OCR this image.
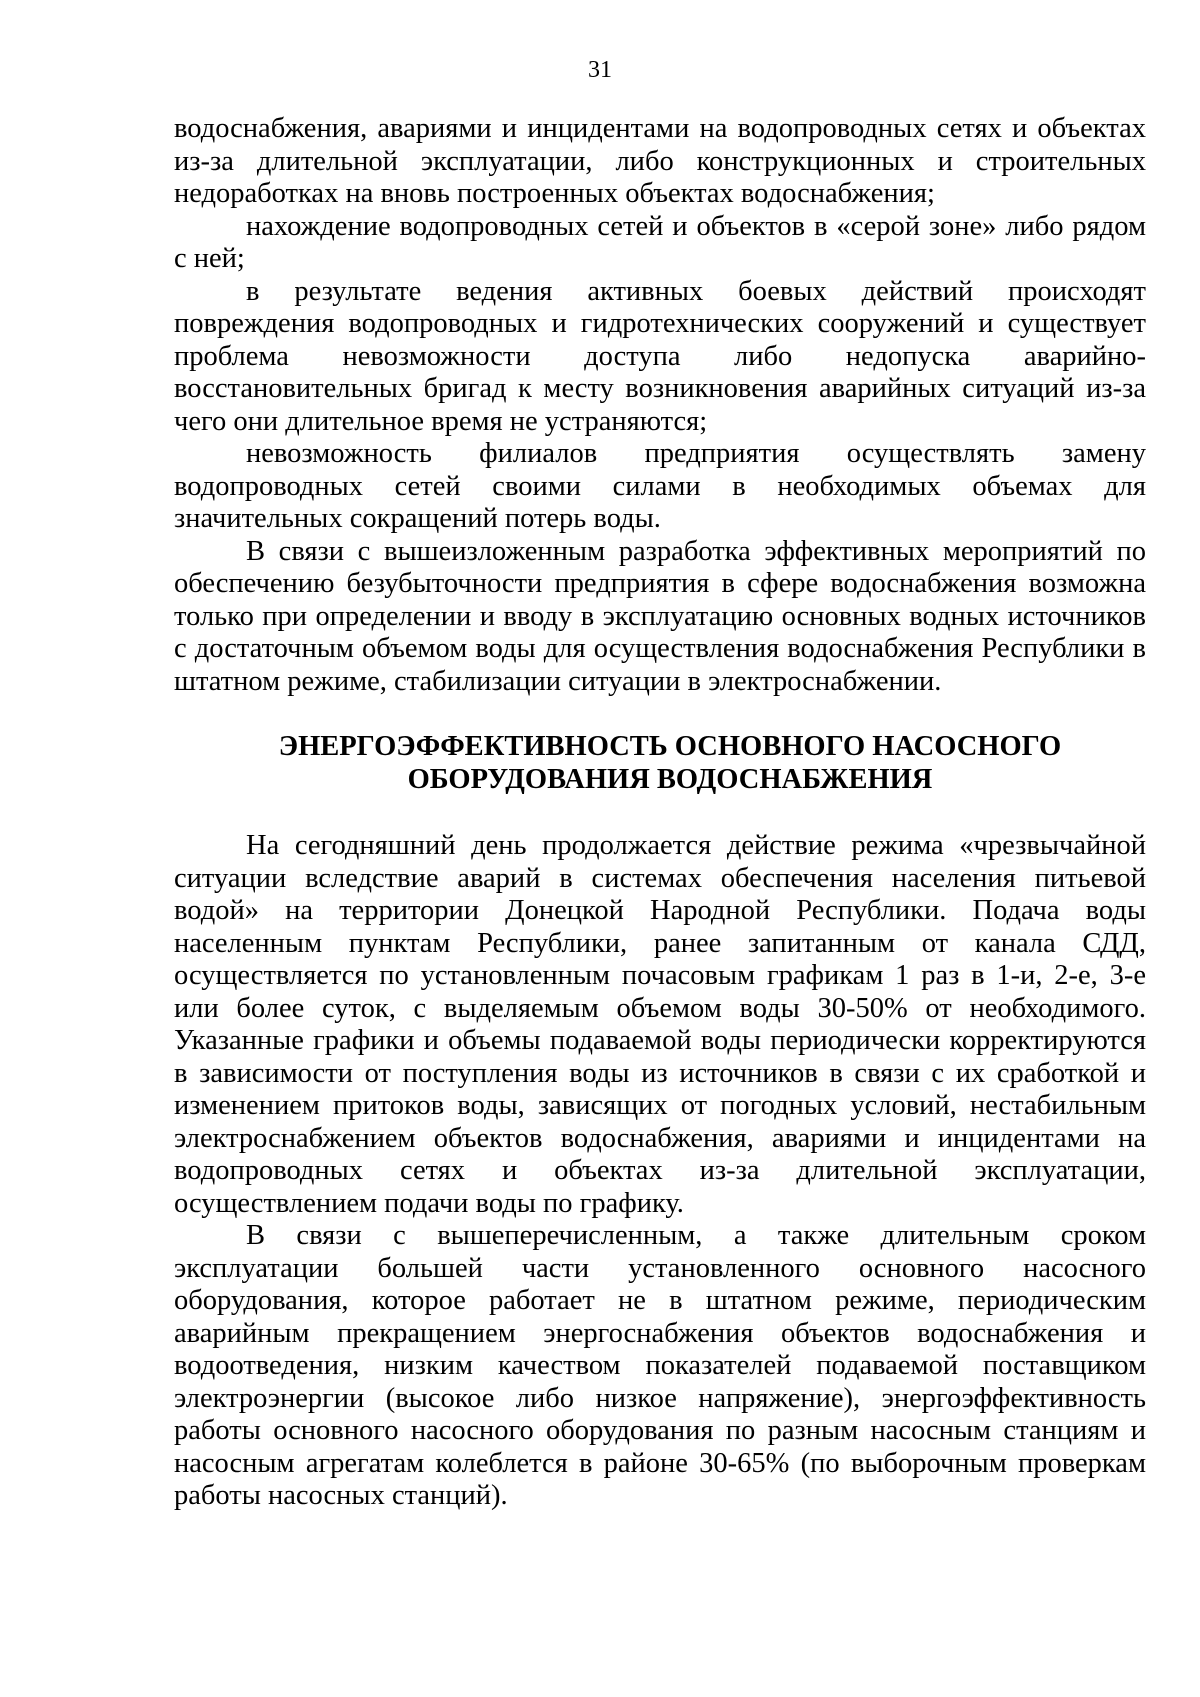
31

водоснабжения, авариями и инцидентами на водопроводных сетях и объектах из-за длительной эксплуатации, либо конструкционных и строительных недоработках на вновь построенных объектах водоснабжения;

нахождение водопроводных сетей и объектов в «серой зоне» либо рядом с ней;

в результате ведения активных боевых действий происходят повреждения водопроводных и гидротехнических сооружений и существует проблема невозможности доступа либо недопуска аварийно-восстановительных бригад к месту возникновения аварийных ситуаций из-за чего они длительное время не устраняются;

невозможность филиалов предприятия осуществлять замену водопроводных сетей своими силами в необходимых объемах для значительных сокращений потерь воды.

В связи с вышеизложенным разработка эффективных мероприятий по обеспечению безубыточности предприятия в сфере водоснабжения возможна только при определении и вводу в эксплуатацию основных водных источников с достаточным объемом воды для осуществления водоснабжения Республики в штатном режиме, стабилизации ситуации в электроснабжении.

ЭНЕРГОЭФФЕКТИВНОСТЬ ОСНОВНОГО НАСОСНОГО
ОБОРУДОВАНИЯ ВОДОСНАБЖЕНИЯ

На сегодняшний день продолжается действие режима «чрезвычайной ситуации вследствие аварий в системах обеспечения населения питьевой водой» на территории Донецкой Народной Республики. Подача воды населенным пунктам Республики, ранее запитанным от канала СДД, осуществляется по установленным почасовым графикам 1 раз в 1-и, 2-е, 3-е или более суток, с выделяемым объемом воды 30-50% от необходимого. Указанные графики и объемы подаваемой воды периодически корректируются в зависимости от поступления воды из источников в связи с их сработкой и изменением притоков воды, зависящих от погодных условий, нестабильным электроснабжением объектов водоснабжения, авариями и инцидентами на водопроводных сетях и объектах из-за длительной эксплуатации, осуществлением подачи воды по графику.

В связи с вышеперечисленным, а также длительным сроком эксплуатации большей части установленного основного насосного оборудования, которое работает не в штатном режиме, периодическим аварийным прекращением энергоснабжения объектов водоснабжения и водоотведения, низким качеством показателей подаваемой поставщиком электроэнергии (высокое либо низкое напряжение), энергоэффективность работы основного насосного оборудования по разным насосным станциям и насосным агрегатам колеблется в районе 30-65% (по выборочным проверкам работы насосных станций).
